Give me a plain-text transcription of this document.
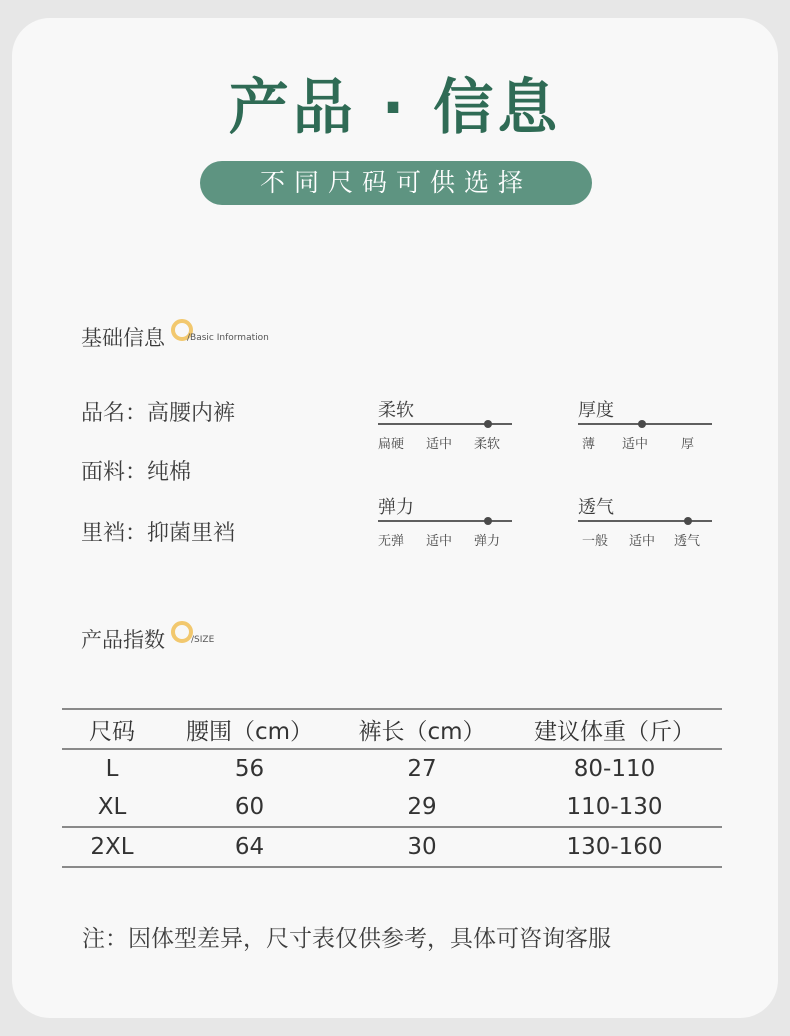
产品 · 信息
不同尺码可供选择
基础信息 /Basic Information
品名：高腰内裤
面料：纯棉
里裆：抑菌里裆
柔软
扁硬 适中 柔软
厚度
薄 适中	厚
弹力
无弹 适中 弹力
透气
一般 适中 透气
产品指数	/SIZE
尺码	腰围（cm）	裤长（cm）	建议体重（斤）
L	56	27	80-110
XL	60	29	110-130
2XL	64	30	130-160
注：因体型差异，尺寸表仅供参考，具体可咨询客服
